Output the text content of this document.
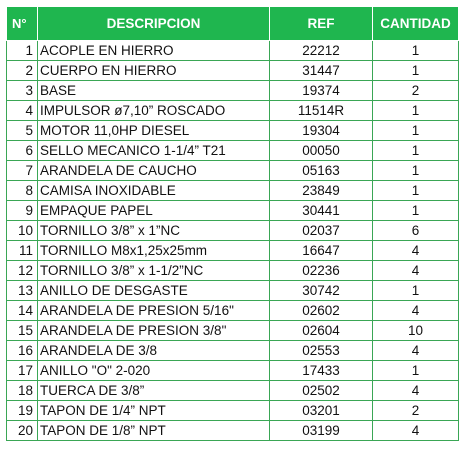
N°	DESCRIPCION	REF	CANTIDAD
1	ACOPLE EN HIERRO	22212	1
2	CUERPO EN HIERRO	31447	1
3	BASE	19374	2
4	IMPULSOR ø7,10” ROSCADO	11514R	1
5	MOTOR 11,0HP DIESEL	19304	1
6	SELLO MECANICO 1-1/4” T21	00050	1
7	ARANDELA DE CAUCHO	05163	1
8	CAMISA INOXIDABLE	23849	1
9	EMPAQUE PAPEL	30441	1
10	TORNILLO 3/8” x 1”NC	02037	6
11	TORNILLO M8x1,25x25mm	16647	4
12	TORNILLO 3/8” x 1-1/2”NC	02236	4
13	ANILLO DE DESGASTE	30742	1
14	ARANDELA DE PRESION 5/16"	02602	4
15	ARANDELA DE PRESION 3/8"	02604	10
16	ARANDELA DE 3/8	02553	4
17	ANILLO "O" 2-020	17433	1
18	TUERCA DE 3/8”	02502	4
19	TAPON DE 1/4” NPT	03201	2
20	TAPON DE 1/8” NPT	03199	4
